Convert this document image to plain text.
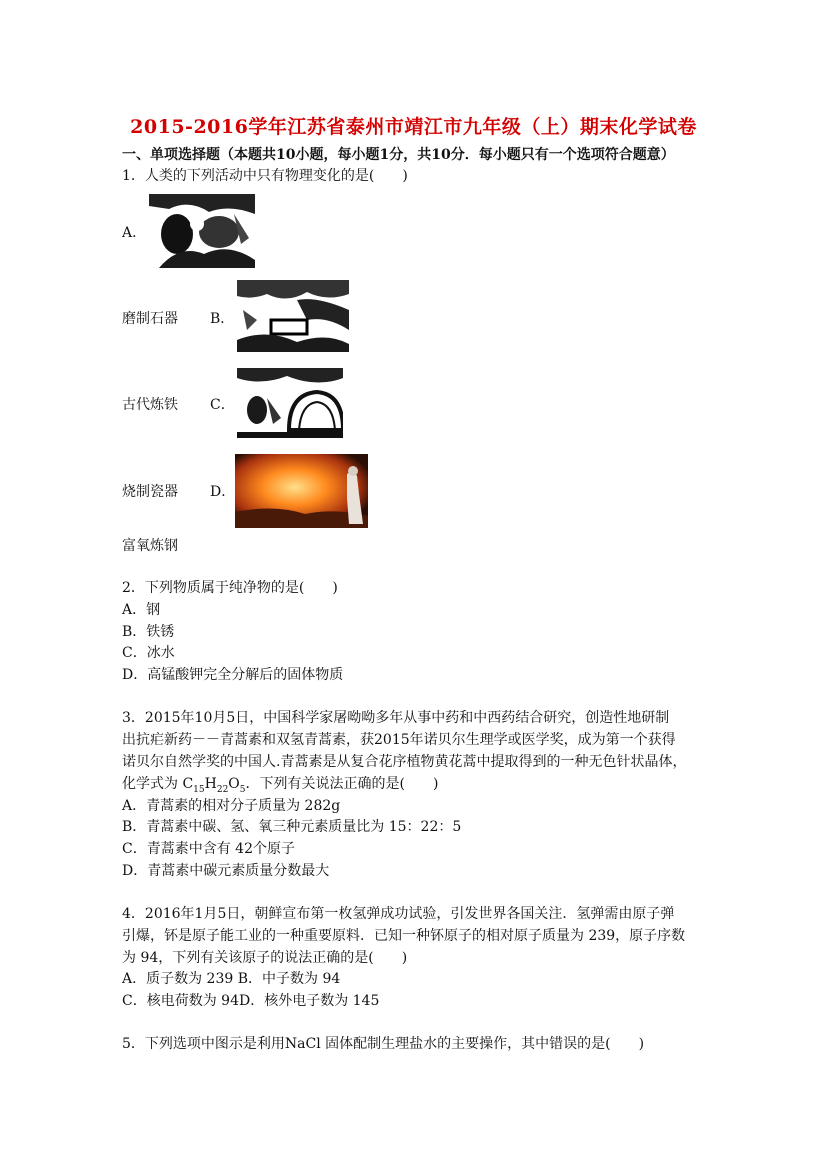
2015-2016学年江苏省泰州市靖江市九年级（上）期末化学试卷
一、单项选择题（本题共10小题，每小题1分，共10分．每小题只有一个选项符合题意）
1．人类的下列活动中只有物理变化的是(　　)
A．
磨制石器 B．
古代炼铁 C．
烧制瓷器 D．
富氧炼钢
2．下列物质属于纯净物的是(　　)
A．钢
B．铁锈
C．冰水
D．高锰酸钾完全分解后的固体物质
3．2015年10月5日，中国科学家屠呦呦多年从事中药和中西药结合研究，创造性地研制
出抗疟新药－－青蒿素和双氢青蒿素，获2015年诺贝尔生理学或医学奖，成为第一个获得
诺贝尔自然学奖的中国人.青蒿素是从复合花序植物黄花蒿中提取得到的一种无色针状晶体，
化学式为 $C_{15}H_{22}O_5$．下列有关说法正确的是(　　)
A．青蒿素的相对分子质量为 282g
B．青蒿素中碳、氢、氧三种元素质量比为 15：22：5
C．青蒿素中含有 42个原子
D．青蒿素中碳元素质量分数最大
4．2016年1月5日，朝鲜宣布第一枚氢弹成功试验，引发世界各国关注．氢弹需由原子弹
引爆，钚是原子能工业的一种重要原料．已知一种钚原子的相对原子质量为 239，原子序数
为 94，下列有关该原子的说法正确的是(　　)
A．质子数为 239 B．中子数为 94
C．核电荷数为 94D．核外电子数为 145
5．下列选项中图示是利用NaCl 固体配制生理盐水的主要操作，其中错误的是(　　)
